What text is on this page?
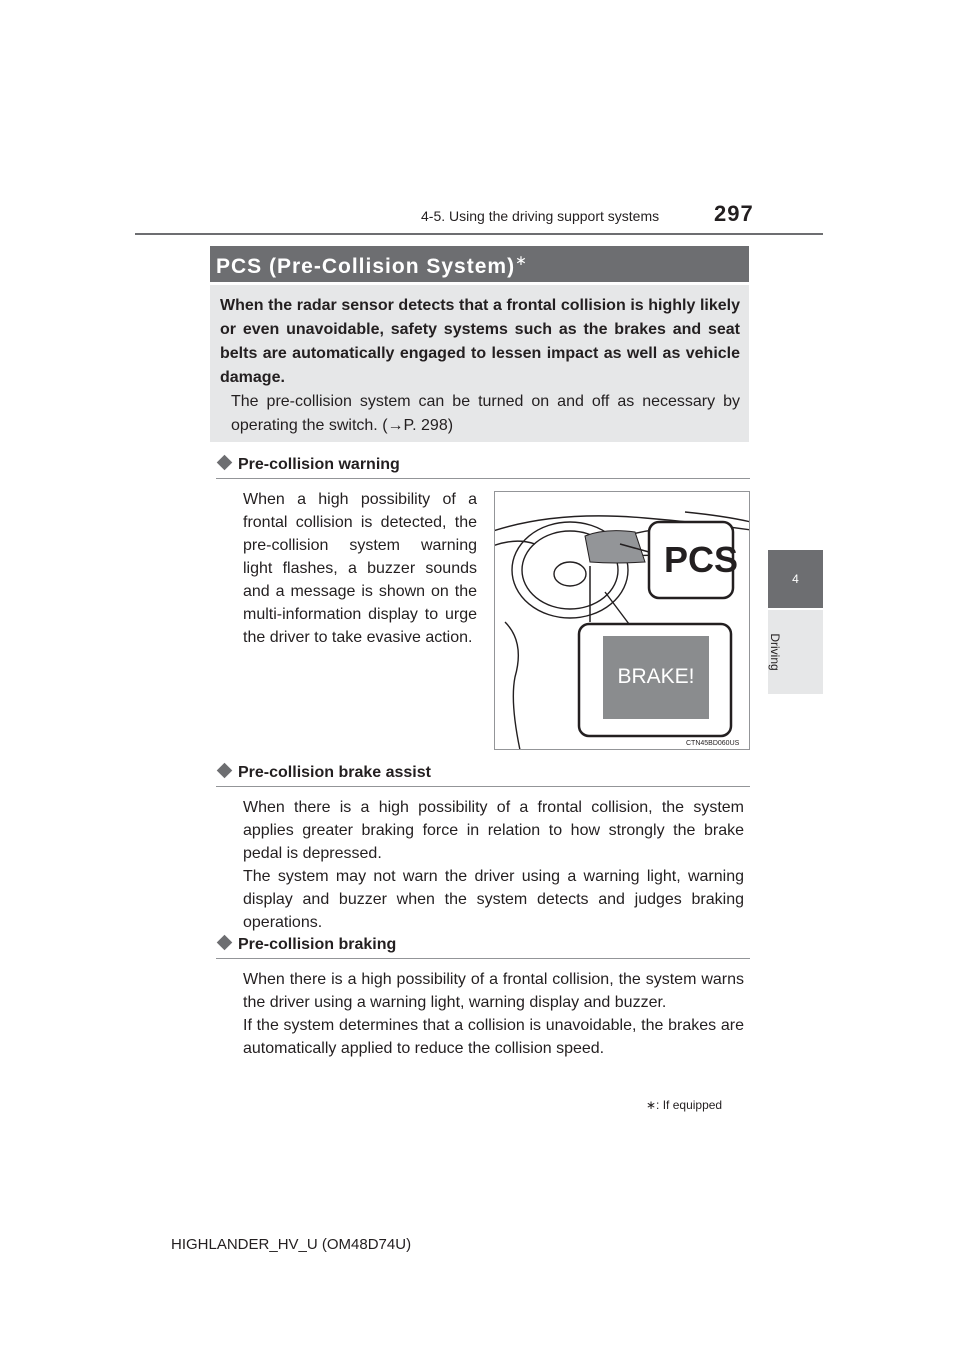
4-5. Using the driving support systems 297
4
Driving
PCS (Pre-Collision System)∗
When the radar sensor detects that a frontal collision is highly likely or even unavoidable, safety systems such as the brakes and seat belts are automatically engaged to lessen impact as well as vehicle damage.
The pre-collision system can be turned on and off as necessary by operating the switch. (→P. 298)
Pre-collision warning
When a high possibility of a frontal collision is detected, the pre-collision system warning light flashes, a buzzer sounds and a message is shown on the multi-information display to urge the driver to take evasive action.
PCS
BRAKE!
CTN45BD060US
Pre-collision brake assist
When there is a high possibility of a frontal collision, the system applies greater braking force in relation to how strongly the brake pedal is depressed.
The system may not warn the driver using a warning light, warning display and buzzer when the system detects and judges braking operations.
Pre-collision braking
When there is a high possibility of a frontal collision, the system warns the driver using a warning light, warning display and buzzer.
If the system determines that a collision is unavoidable, the brakes are automatically applied to reduce the collision speed.
∗: If equipped
HIGHLANDER_HV_U (OM48D74U)
